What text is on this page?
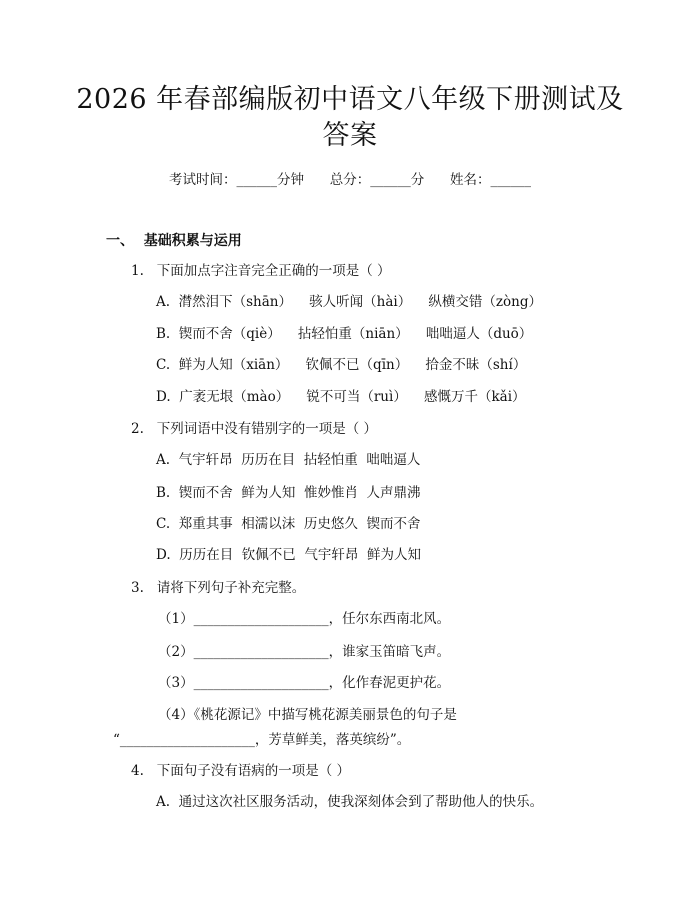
2026 年春部编版初中语文八年级下册测试及
答案
考试时间：______分钟      总分：______分      姓名：______
一、  基础积累与运用
1.   下面加点字注音完全正确的一项是（ ）
A.  潸然泪下（shān）    骇人听闻（hài）    纵横交错（zòng）
B.  锲而不舍（qiè）    拈轻怕重（niān）    咄咄逼人（duō）
C.  鲜为人知（xiān）    钦佩不已（qīn）    拾金不昧（shí）
D.  广袤无垠（mào）    锐不可当（ruì）    感慨万千（kǎi）
2.   下列词语中没有错别字的一项是（ ）
A.  气宇轩昂  历历在目  拈轻怕重  咄咄逼人
B.  锲而不舍  鲜为人知  惟妙惟肖  人声鼎沸
C.  郑重其事  相濡以沫  历史悠久  锲而不舍
D.  历历在目  钦佩不已  气宇轩昂  鲜为人知
3.   请将下列句子补充完整。
（1）____________________，任尔东西南北风。
（2）____________________，谁家玉笛暗飞声。
（3）____________________，化作春泥更护花。
（4）《桃花源记》中描写桃花源美丽景色的句子是
“____________________，芳草鲜美，落英缤纷”。
4.   下面句子没有语病的一项是（ ）
A.  通过这次社区服务活动，使我深刻体会到了帮助他人的快乐。
